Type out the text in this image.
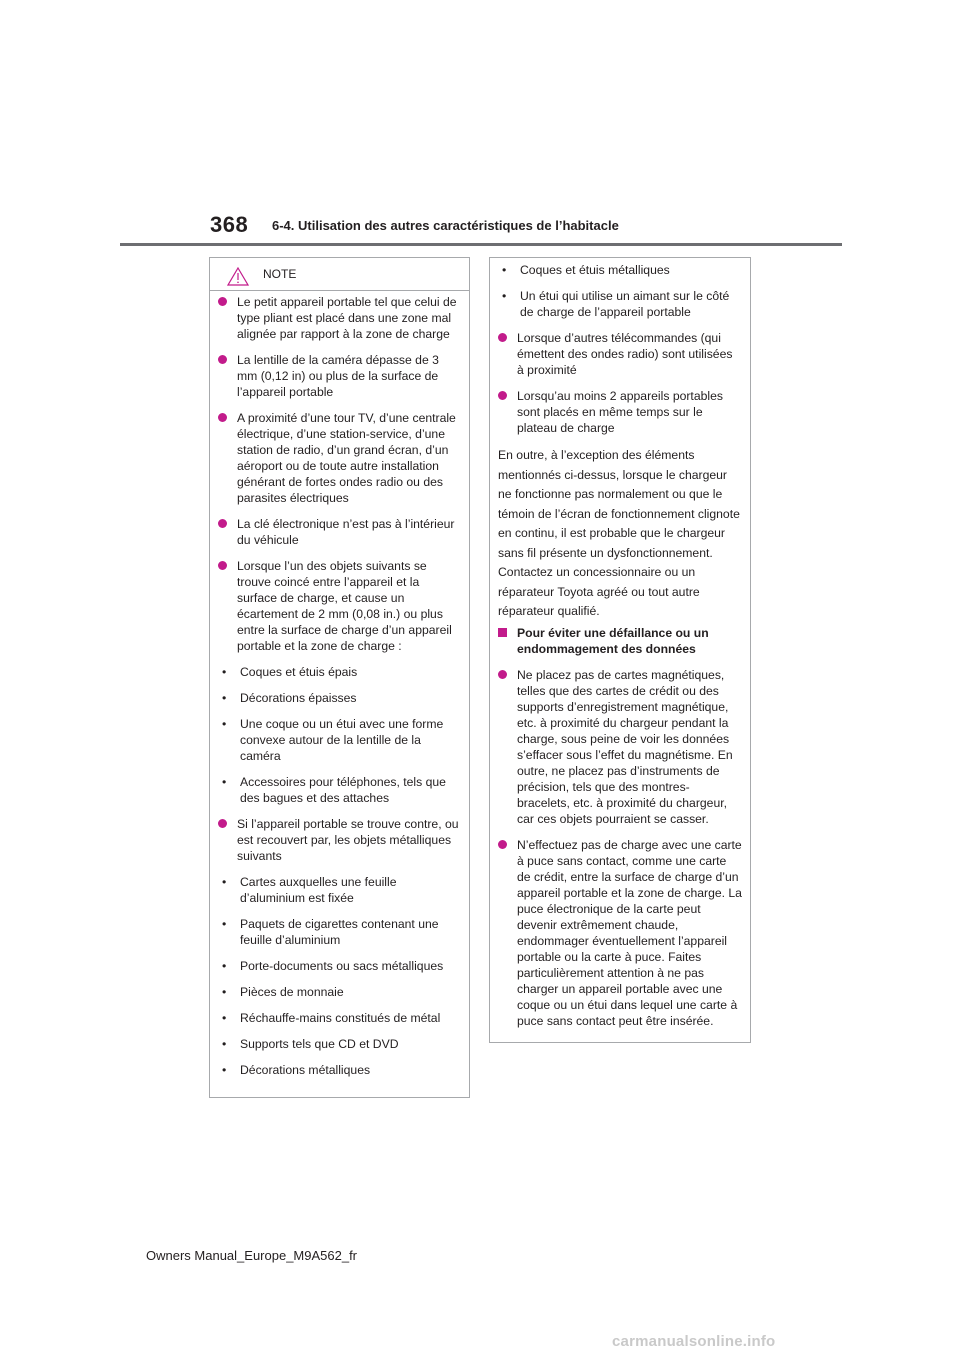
368 6-4. Utilisation des autres caractéristiques de l’habitacle
NOTE

Le petit appareil portable tel que celui de type pliant est placé dans une zone mal alignée par rapport à la zone de charge

La lentille de la caméra dépasse de 3 mm (0,12 in) ou plus de la surface de l’appareil portable

A proximité d’une tour TV, d’une centrale électrique, d’une station-service, d’une station de radio, d’un grand écran, d’un aéroport ou de toute autre installation générant de fortes ondes radio ou des parasites électriques

La clé électronique n’est pas à l’intérieur du véhicule

Lorsque l’un des objets suivants se trouve coincé entre l’appareil et la surface de charge, et cause un écartement de 2 mm (0,08 in.) ou plus entre la surface de charge d’un appareil portable et la zone de charge :

• Coques et étuis épais

• Décorations épaisses

• Une coque ou un étui avec une forme convexe autour de la lentille de la caméra

• Accessoires pour téléphones, tels que des bagues et des attaches

Si l’appareil portable se trouve contre, ou est recouvert par, les objets métalliques suivants

• Cartes auxquelles une feuille d’aluminium est fixée

• Paquets de cigarettes contenant une feuille d’aluminium

• Porte-documents ou sacs métalliques

• Pièces de monnaie

• Réchauffe-mains constitués de métal

• Supports tels que CD et DVD

• Décorations métalliques

• Coques et étuis métalliques

• Un étui qui utilise un aimant sur le côté de charge de l’appareil portable

Lorsque d’autres télécommandes (qui émettent des ondes radio) sont utilisées à proximité

Lorsqu’au moins 2 appareils portables sont placés en même temps sur le plateau de charge

En outre, à l’exception des éléments mentionnés ci-dessus, lorsque le chargeur ne fonctionne pas normalement ou que le témoin de l’écran de fonctionnement clignote en continu, il est probable que le chargeur sans fil présente un dysfonctionnement. Contactez un concessionnaire ou un réparateur Toyota agréé ou tout autre réparateur qualifié.

Pour éviter une défaillance ou un endommagement des données

Ne placez pas de cartes magnétiques, telles que des cartes de crédit ou des supports d’enregistrement magnétique, etc. à proximité du chargeur pendant la charge, sous peine de voir les données s’effacer sous l’effet du magnétisme. En outre, ne placez pas d’instruments de précision, tels que des montres-bracelets, etc. à proximité du chargeur, car ces objets pourraient se casser.

N’effectuez pas de charge avec une carte à puce sans contact, comme une carte de crédit, entre la surface de charge d’un appareil portable et la zone de charge. La puce électronique de la carte peut devenir extrêmement chaude, endommager éventuellement l’appareil portable ou la carte à puce. Faites particulièrement attention à ne pas charger un appareil portable avec une coque ou un étui dans lequel une carte à puce sans contact peut être insérée.

Owners Manual_Europe_M9A562_fr
carmanualsonline.info
